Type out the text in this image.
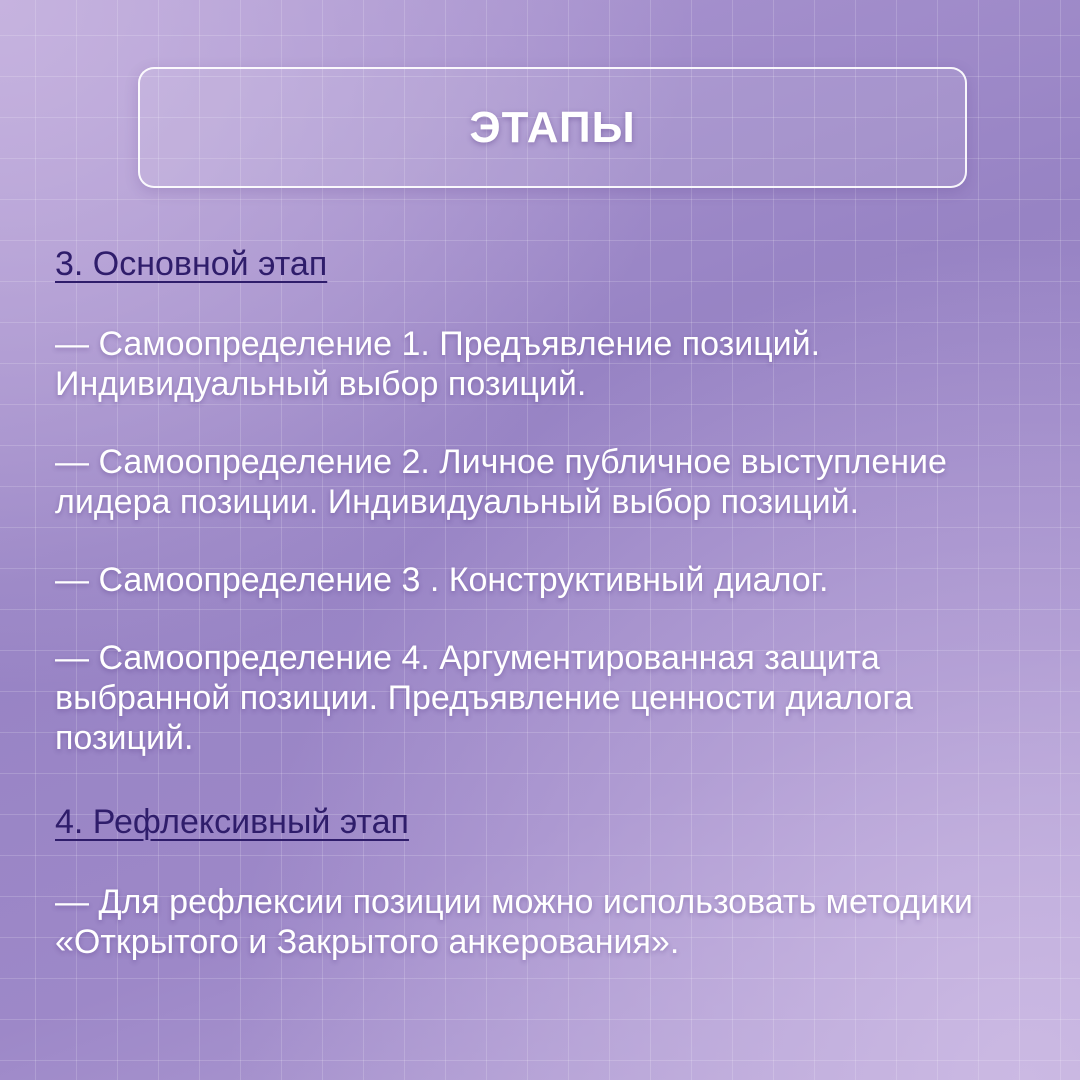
ЭТАПЫ

3. Основной этап

— Самоопределение 1. Предъявление позиций. Индивидуальный выбор позиций.

— Самоопределение 2. Личное публичное выступление лидера позиции. Индивидуальный выбор позиций.

— Самоопределение 3 . Конструктивный диалог.

— Самоопределение 4. Аргументированная защита выбранной позиции. Предъявление ценности диалога позиций.

4. Рефлексивный этап

— Для рефлексии позиции можно использовать методики «Открытого и Закрытого анкерования».
